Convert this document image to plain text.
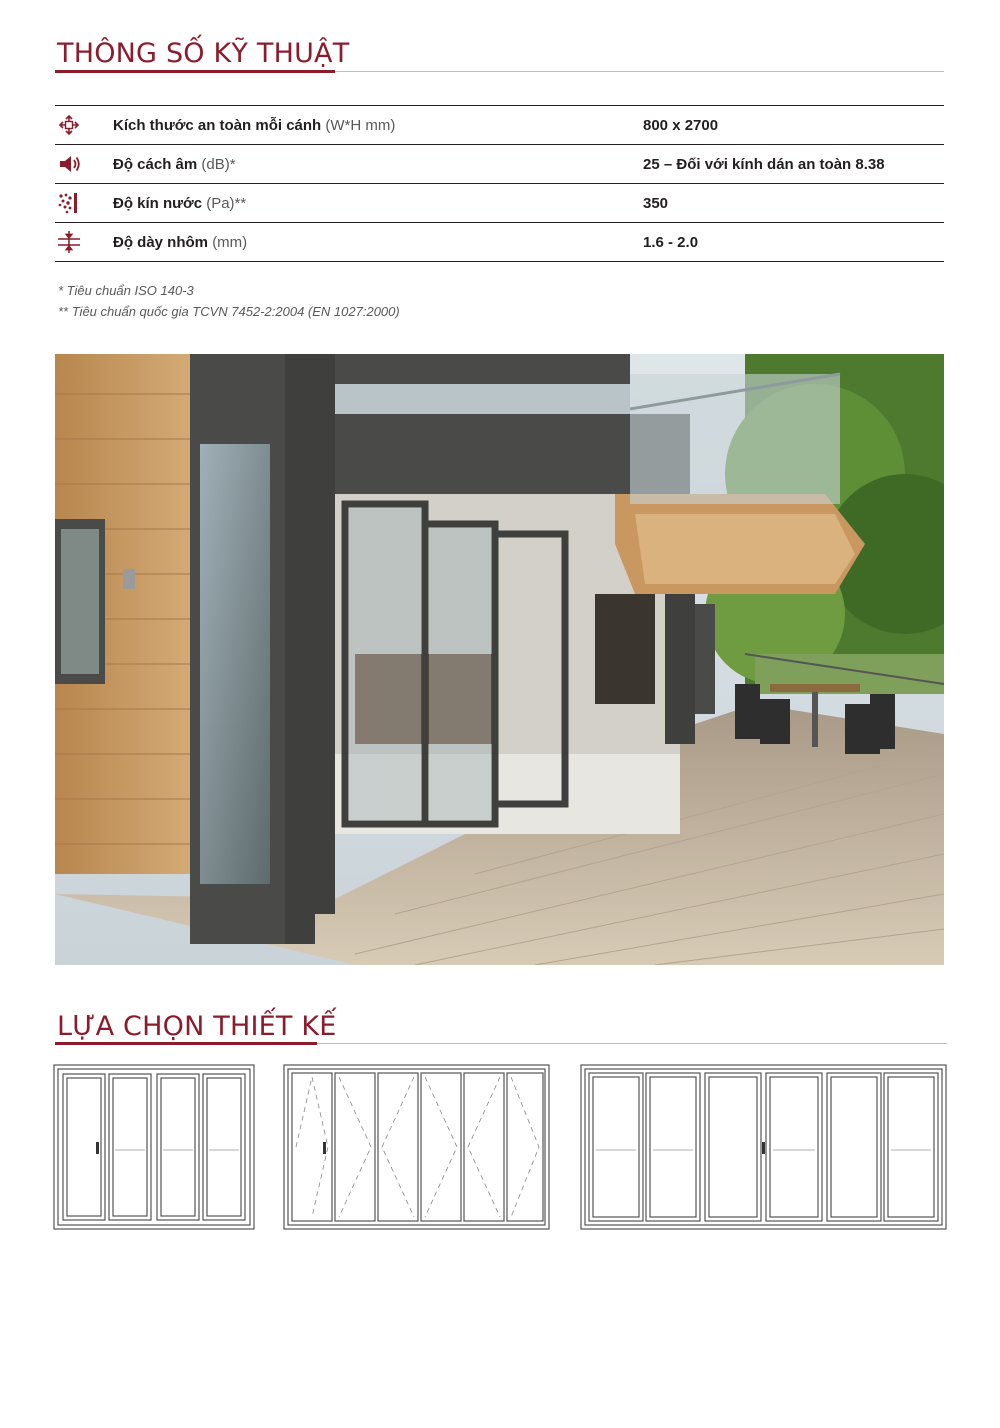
THÔNG SỐ KỸ THUẬT
Kích thước an toàn mỗi cánh (W*H mm)	800 x 2700
Độ cách âm (dB)*	25 – Đối với kính dán an toàn 8.38
Độ kín nước (Pa)**	350
Độ dày nhôm (mm)	1.6 - 2.0
* Tiêu chuẩn ISO 140-3
** Tiêu chuẩn quốc gia TCVN 7452-2:2004 (EN 1027:2000)
LỰA CHỌN THIẾT KẾ
